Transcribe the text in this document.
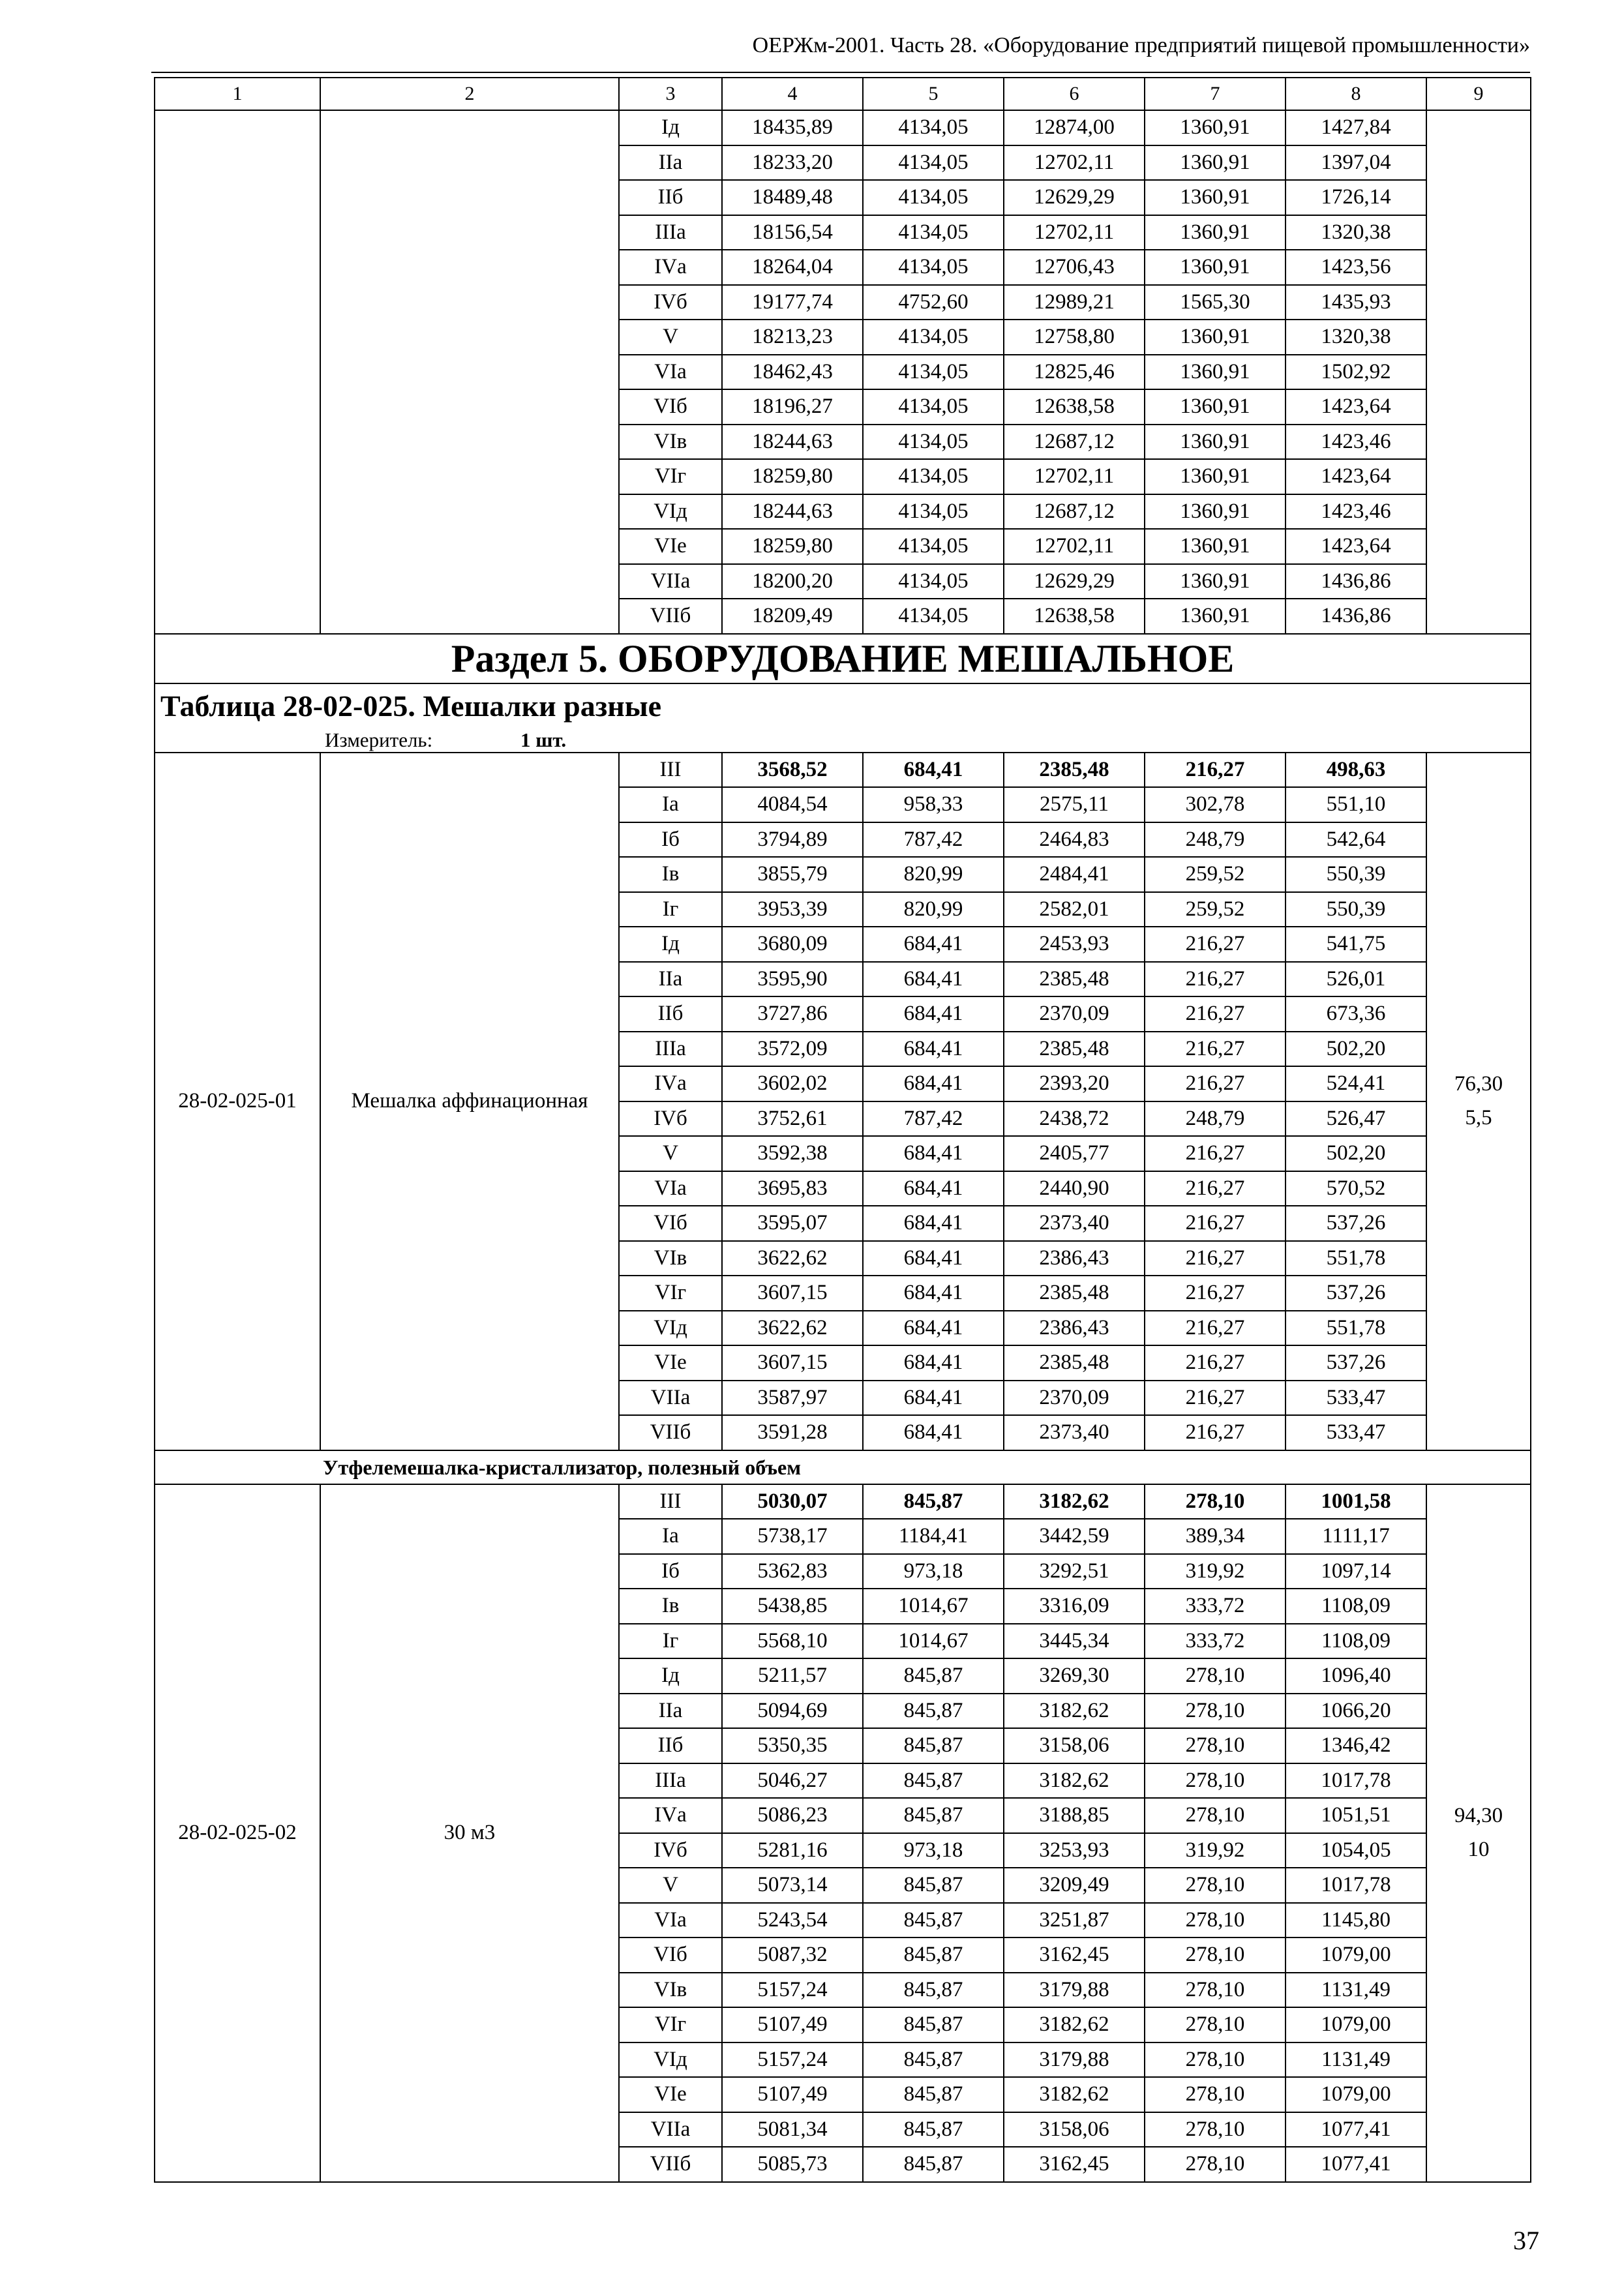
ОЕРЖм-2001. Часть 28. «Оборудование предприятий пищевой промышленности»
1	2	3	4	5	6	7	8	9
		Iд	18435,89	4134,05	12874,00	1360,91	1427,84	
		IIа	18233,20	4134,05	12702,11	1360,91	1397,04	
		IIб	18489,48	4134,05	12629,29	1360,91	1726,14	
		IIIа	18156,54	4134,05	12702,11	1360,91	1320,38	
		IVа	18264,04	4134,05	12706,43	1360,91	1423,56	
		IVб	19177,74	4752,60	12989,21	1565,30	1435,93	
		V	18213,23	4134,05	12758,80	1360,91	1320,38	
		VIа	18462,43	4134,05	12825,46	1360,91	1502,92	
		VIб	18196,27	4134,05	12638,58	1360,91	1423,64	
		VIв	18244,63	4134,05	12687,12	1360,91	1423,46	
		VIг	18259,80	4134,05	12702,11	1360,91	1423,64	
		VIд	18244,63	4134,05	12687,12	1360,91	1423,46	
		VIе	18259,80	4134,05	12702,11	1360,91	1423,64	
		VIIа	18200,20	4134,05	12629,29	1360,91	1436,86	
		VIIб	18209,49	4134,05	12638,58	1360,91	1436,86	
Раздел 5. ОБОРУДОВАНИЕ МЕШАЛЬНОЕ								
Таблица 28-02-025. Мешалки разные								
Измеритель: 1 шт.								
28-02-025-01	Мешалка аффинационная	III	3568,52	684,41	2385,48	216,27	498,63	76,30
5,5

		Iа	4084,54	958,33	2575,11	302,78	551,10	
		Iб	3794,89	787,42	2464,83	248,79	542,64	
		Iв	3855,79	820,99	2484,41	259,52	550,39	
		Iг	3953,39	820,99	2582,01	259,52	550,39	
		Iд	3680,09	684,41	2453,93	216,27	541,75	
		IIа	3595,90	684,41	2385,48	216,27	526,01	
		IIб	3727,86	684,41	2370,09	216,27	673,36	
		IIIа	3572,09	684,41	2385,48	216,27	502,20	
		IVа	3602,02	684,41	2393,20	216,27	524,41	
		IVб	3752,61	787,42	2438,72	248,79	526,47	
		V	3592,38	684,41	2405,77	216,27	502,20	
		VIа	3695,83	684,41	2440,90	216,27	570,52	
		VIб	3595,07	684,41	2373,40	216,27	537,26	
		VIв	3622,62	684,41	2386,43	216,27	551,78	
		VIг	3607,15	684,41	2385,48	216,27	537,26	
		VIд	3622,62	684,41	2386,43	216,27	551,78	
		VIе	3607,15	684,41	2385,48	216,27	537,26	
		VIIа	3587,97	684,41	2370,09	216,27	533,47	
		VIIб	3591,28	684,41	2373,40	216,27	533,47	
	Утфелемешалка-кристаллизатор, полезный объем							
28-02-025-02	30 м3	III	5030,07	845,87	3182,62	278,10	1001,58	94,30
10

		Iа	5738,17	1184,41	3442,59	389,34	1111,17	
		Iб	5362,83	973,18	3292,51	319,92	1097,14	
		Iв	5438,85	1014,67	3316,09	333,72	1108,09	
		Iг	5568,10	1014,67	3445,34	333,72	1108,09	
		Iд	5211,57	845,87	3269,30	278,10	1096,40	
		IIа	5094,69	845,87	3182,62	278,10	1066,20	
		IIб	5350,35	845,87	3158,06	278,10	1346,42	
		IIIа	5046,27	845,87	3182,62	278,10	1017,78	
		IVа	5086,23	845,87	3188,85	278,10	1051,51	
		IVб	5281,16	973,18	3253,93	319,92	1054,05	
		V	5073,14	845,87	3209,49	278,10	1017,78	
		VIа	5243,54	845,87	3251,87	278,10	1145,80	
		VIб	5087,32	845,87	3162,45	278,10	1079,00	
		VIв	5157,24	845,87	3179,88	278,10	1131,49	
		VIг	5107,49	845,87	3182,62	278,10	1079,00	
		VIд	5157,24	845,87	3179,88	278,10	1131,49	
		VIе	5107,49	845,87	3182,62	278,10	1079,00	
		VIIа	5081,34	845,87	3158,06	278,10	1077,41	
		VIIб	5085,73	845,87	3162,45	278,10	1077,41	
37
